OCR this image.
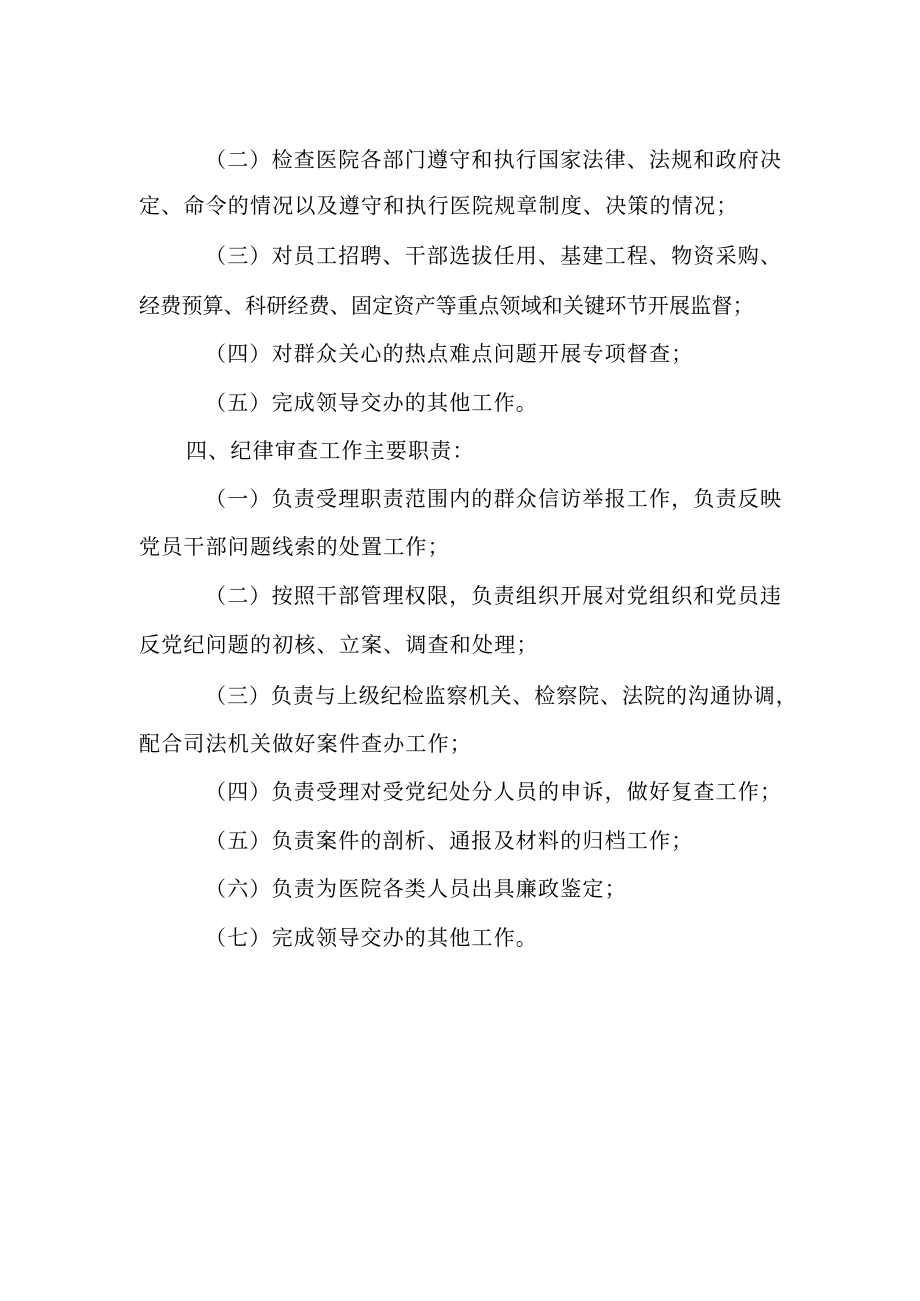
（二）检查医院各部门遵守和执行国家法律、法规和政府决
定、命令的情况以及遵守和执行医院规章制度、决策的情况；
（三）对员工招聘、干部选拔任用、基建工程、物资采购、
经费预算、科研经费、固定资产等重点领域和关键环节开展监督；
（四）对群众关心的热点难点问题开展专项督查；
（五）完成领导交办的其他工作。
四、纪律审查工作主要职责：
（一）负责受理职责范围内的群众信访举报工作，负责反映
党员干部问题线索的处置工作；
（二）按照干部管理权限，负责组织开展对党组织和党员违
反党纪问题的初核、立案、调查和处理；
（三）负责与上级纪检监察机关、检察院、法院的沟通协调，
配合司法机关做好案件查办工作；
（四）负责受理对受党纪处分人员的申诉，做好复查工作；
（五）负责案件的剖析、通报及材料的归档工作；
（六）负责为医院各类人员出具廉政鉴定；
（七）完成领导交办的其他工作。
